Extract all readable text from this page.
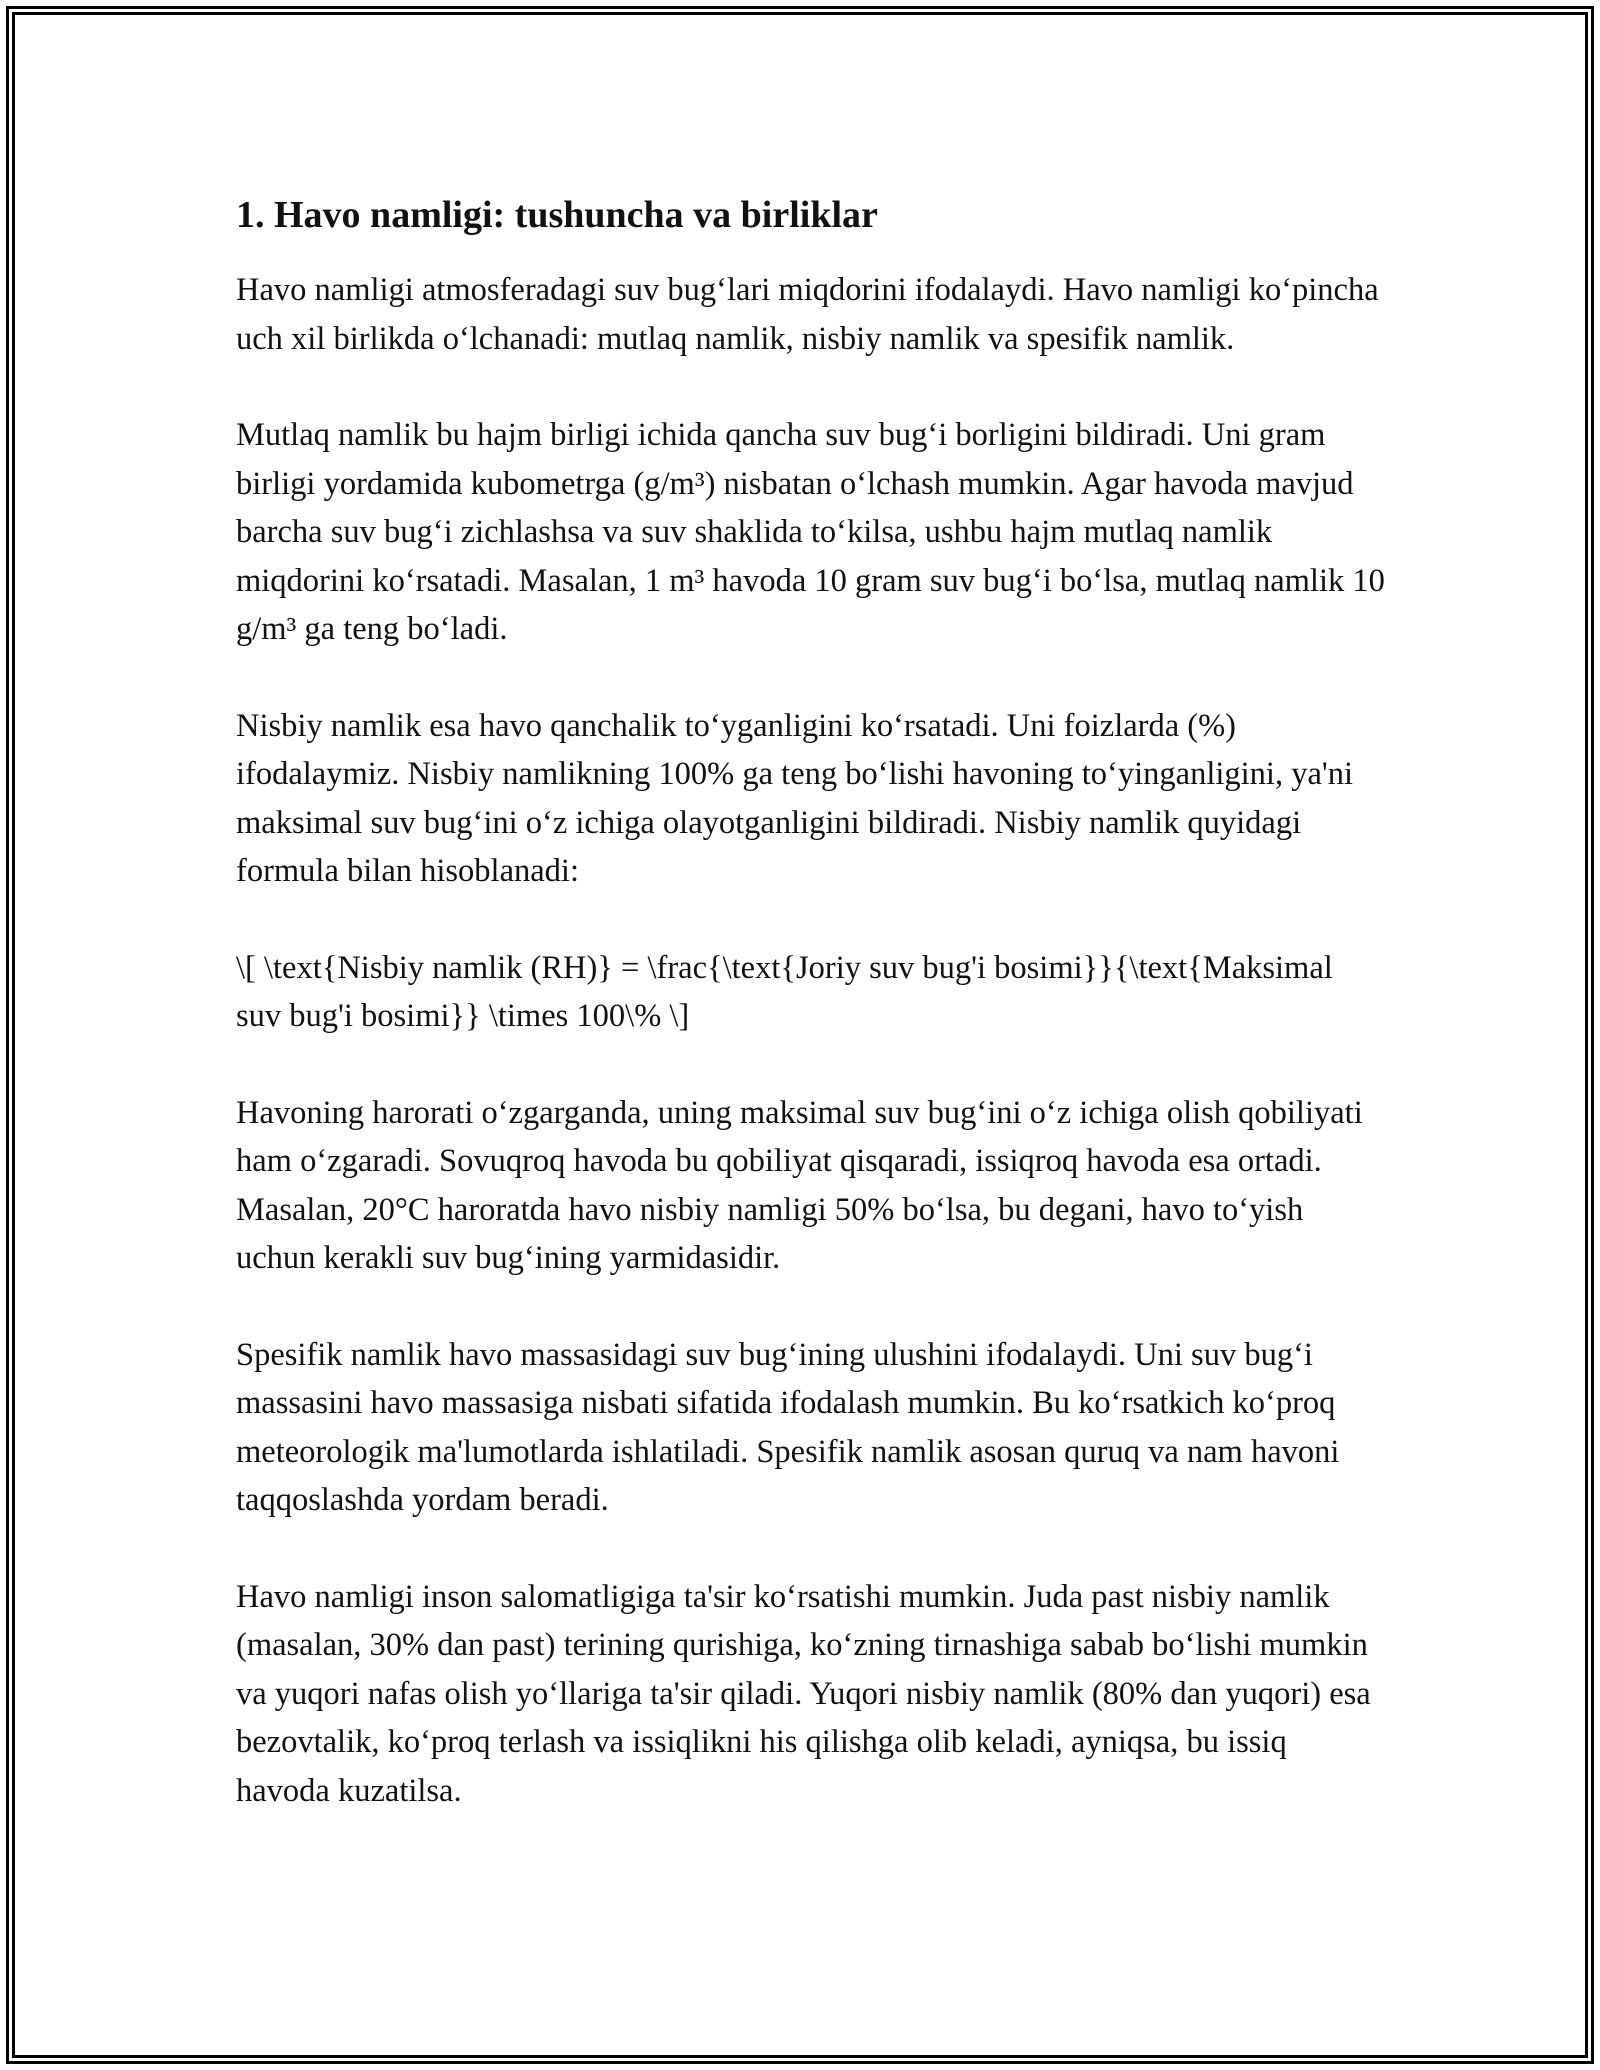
1. Havo namligi: tushuncha va birliklar

Havo namligi atmosferadagi suv bug‘lari miqdorini ifodalaydi. Havo namligi ko‘pincha uch xil birlikda o‘lchanadi: mutlaq namlik, nisbiy namlik va spesifik namlik.

Mutlaq namlik bu hajm birligi ichida qancha suv bug‘i borligini bildiradi. Uni gram birligi yordamida kubometrga (g/m³) nisbatan o‘lchash mumkin. Agar havoda mavjud barcha suv bug‘i zichlashsa va suv shaklida to‘kilsa, ushbu hajm mutlaq namlik miqdorini ko‘rsatadi. Masalan, 1 m³ havoda 10 gram suv bug‘i bo‘lsa, mutlaq namlik 10 g/m³ ga teng bo‘ladi.

Nisbiy namlik esa havo qanchalik to‘yganligini ko‘rsatadi. Uni foizlarda (%) ifodalaymiz. Nisbiy namlikning 100% ga teng bo‘lishi havoning to‘yinganligini, ya'ni maksimal suv bug‘ini o‘z ichiga olayotganligini bildiradi. Nisbiy namlik quyidagi formula bilan hisoblanadi:

\[ \text{Nisbiy namlik (RH)} = \frac{\text{Joriy suv bug'i bosimi}}{\text{Maksimal suv bug'i bosimi}} \times 100\% \]

Havoning harorati o‘zgarganda, uning maksimal suv bug‘ini o‘z ichiga olish qobiliyati ham o‘zgaradi. Sovuqroq havoda bu qobiliyat qisqaradi, issiqroq havoda esa ortadi. Masalan, 20°C haroratda havo nisbiy namligi 50% bo‘lsa, bu degani, havo to‘yish uchun kerakli suv bug‘ining yarmidasidir.

Spesifik namlik havo massasidagi suv bug‘ining ulushini ifodalaydi. Uni suv bug‘i massasini havo massasiga nisbati sifatida ifodalash mumkin. Bu ko‘rsatkich ko‘proq meteorologik ma'lumotlarda ishlatiladi. Spesifik namlik asosan quruq va nam havoni taqqoslashda yordam beradi.

Havo namligi inson salomatligiga ta'sir ko‘rsatishi mumkin. Juda past nisbiy namlik (masalan, 30% dan past) terining qurishiga, ko‘zning tirnashiga sabab bo‘lishi mumkin va yuqori nafas olish yo‘llariga ta'sir qiladi. Yuqori nisbiy namlik (80% dan yuqori) esa bezovtalik, ko‘proq terlash va issiqlikni his qilishga olib keladi, ayniqsa, bu issiq havoda kuzatilsa.
